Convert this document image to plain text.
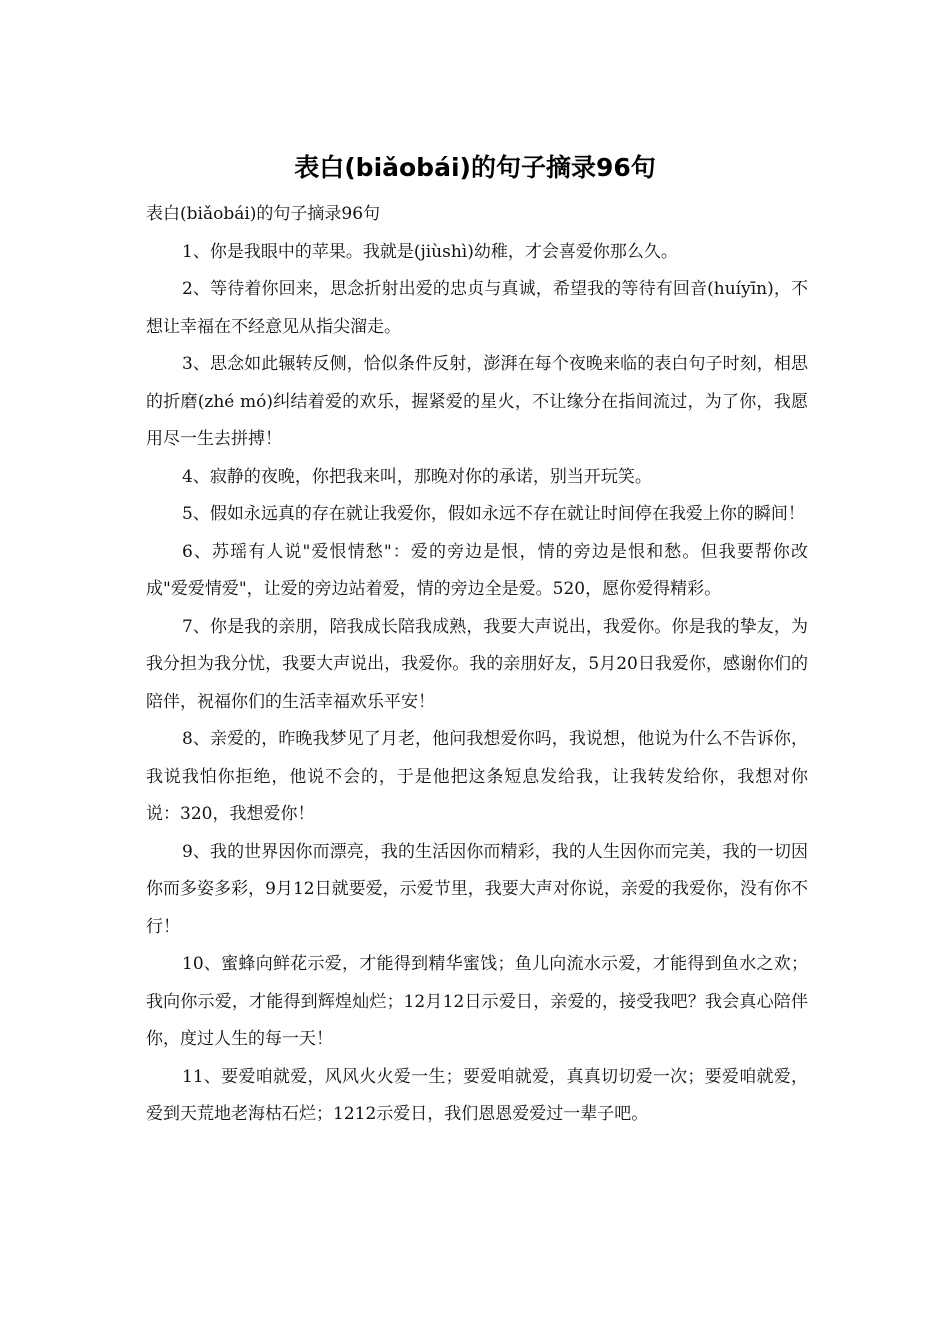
表白(biǎobái)的句子摘录96句

表白(biǎobái)的句子摘录96句

1、你是我眼中的苹果。我就是(jiùshì)幼稚，才会喜爱你那么久。

2、等待着你回来，思念折射出爱的忠贞与真诚，希望我的等待有回音(huíyīn)，不想让幸福在不经意见从指尖溜走。

3、思念如此辗转反侧，恰似条件反射，澎湃在每个夜晚来临的表白句子时刻，相思的折磨(zhé mó)纠结着爱的欢乐，握紧爱的星火，不让缘分在指间流过，为了你，我愿用尽一生去拼搏！

4、寂静的夜晚，你把我来叫，那晚对你的承诺，别当开玩笑。

5、假如永远真的存在就让我爱你，假如永远不存在就让时间停在我爱上你的瞬间！

6、苏瑶有人说"爱恨情愁"：爱的旁边是恨，情的旁边是恨和愁。但我要帮你改成"爱爱情爱"，让爱的旁边站着爱，情的旁边全是爱。520，愿你爱得精彩。

7、你是我的亲朋，陪我成长陪我成熟，我要大声说出，我爱你。你是我的挚友，为我分担为我分忧，我要大声说出，我爱你。我的亲朋好友，5月20日我爱你，感谢你们的陪伴，祝福你们的生活幸福欢乐平安！

8、亲爱的，昨晚我梦见了月老，他问我想爱你吗，我说想，他说为什么不告诉你，我说我怕你拒绝，他说不会的，于是他把这条短息发给我，让我转发给你，我想对你说：320，我想爱你！

9、我的世界因你而漂亮，我的生活因你而精彩，我的人生因你而完美，我的一切因你而多姿多彩，9月12日就要爱，示爱节里，我要大声对你说，亲爱的我爱你，没有你不行！

10、蜜蜂向鲜花示爱，才能得到精华蜜饯；鱼儿向流水示爱，才能得到鱼水之欢；我向你示爱，才能得到辉煌灿烂；12月12日示爱日，亲爱的，接受我吧？我会真心陪伴你，度过人生的每一天！

11、要爱咱就爱，风风火火爱一生；要爱咱就爱，真真切切爱一次；要爱咱就爱，爱到天荒地老海枯石烂；1212示爱日，我们恩恩爱爱过一辈子吧。
